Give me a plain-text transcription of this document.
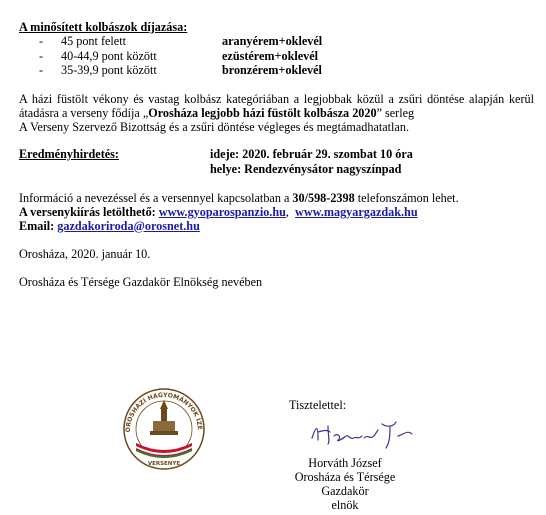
A minősített kolbászok díjazása:
- 45 pont felett	aranyérem+oklevél
- 40-44,9 pont között	ezüstérem+oklevél
- 35-39,9 pont között	bronzérem+oklevél

A házi füstölt vékony és vastag kolbász kategóriában a legjobbak közül a zsűri döntése alapján kerül átadásra a verseny fődíja „Orosháza legjobb házi füstölt kolbásza 2020” serleg

A Verseny Szervező Bizottság és a zsűri döntése végleges és megtámadhatatlan.

Eredményhirdetés:	ideje: 2020. február 29. szombat 10 óra
helye: Rendezvénysátor nagyszínpad

Információ a nevezéssel és a versennyel kapcsolatban a 30/598-2398 telefonszámon lehet.

A versenykiírás letölthető: www.gyoparospanzio.hu,  www.magyargazdak.hu

Email: gazdakoriroda@orosnet.hu

Orosháza, 2020. január 10.

Orosháza és Térsége Gazdakör Elnökség nevében

OROSHÁZI HAGYOMÁNYOK ÍZE
VERSENYE
Tisztelettel:
Horváth József
Orosháza és Térsége Gazdakör
elnök
